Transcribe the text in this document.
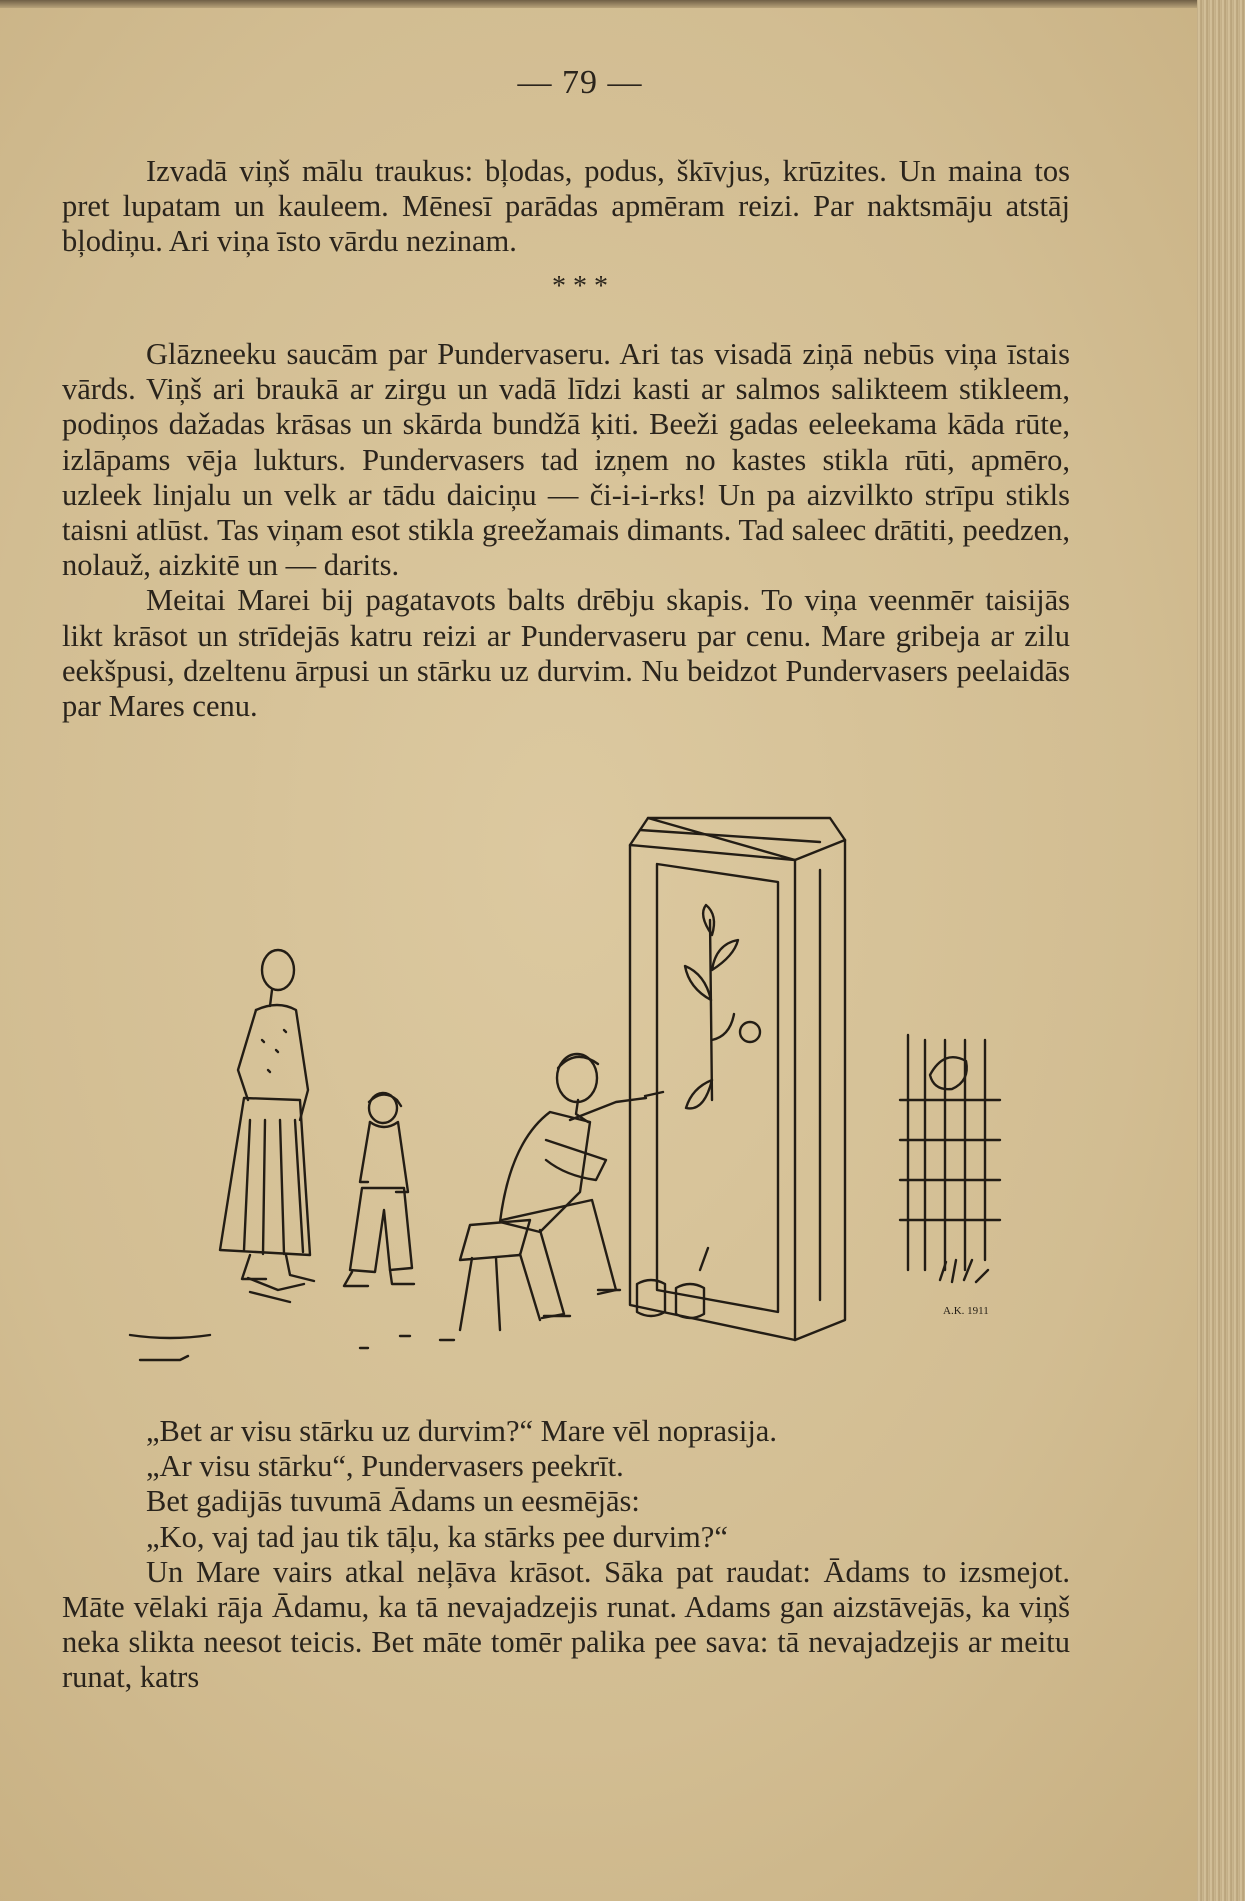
— 79 —

Izvadā viņš mālu traukus: bļodas, podus, škīvjus, krūzites. Un maina tos pret lupatam un kauleem. Mēnesī parādas apmēram reizi. Par naktsmāju atstāj bļodiņu. Ari viņa īsto vārdu nezinam.

* * *

Glāzneeku saucām par Pundervaseru. Ari tas visadā ziņā nebūs viņa īstais vārds. Viņš ari braukā ar zirgu un vadā līdzi kasti ar salmos salikteem stikleem, podiņos dažadas krāsas un skārda bundžā ķiti. Beeži gadas eeleekama kāda rūte, izlāpams vēja lukturs. Pundervasers tad izņem no kastes stikla rūti, apmēro, uzleek linjalu un velk ar tādu daiciņu — či-i-i-rks! Un pa aizvilkto strīpu stikls taisni atlūst. Tas viņam esot stikla greežamais dimants. Tad saleec drātiti, peedzen, nolauž, aizkitē un — darits.

Meitai Marei bij pagatavots balts drēbju skapis. To viņa veenmēr taisijās likt krāsot un strīdejās katru reizi ar Pundervaseru par cenu. Mare gribeja ar zilu eekšpusi, dzeltenu ārpusi un stārku uz durvim. Nu beidzot Pundervasers peelaidās par Mares cenu.

A.K. 1911

„Bet ar visu stārku uz durvim?“ Mare vēl noprasija.

„Ar visu stārku“, Pundervasers peekrīt.

Bet gadijās tuvumā Ādams un eesmējās:

„Ko, vaj tad jau tik tāļu, ka stārks pee durvim?“

Un Mare vairs atkal neļāva krāsot. Sāka pat raudat: Ādams to izsmejot. Māte vēlaki rāja Ādamu, ka tā nevajadzejis runat. Adams gan aizstāvejās, ka viņš neka slikta neesot teicis. Bet māte tomēr palika pee sava: tā nevajadzejis ar meitu runat, katrs
